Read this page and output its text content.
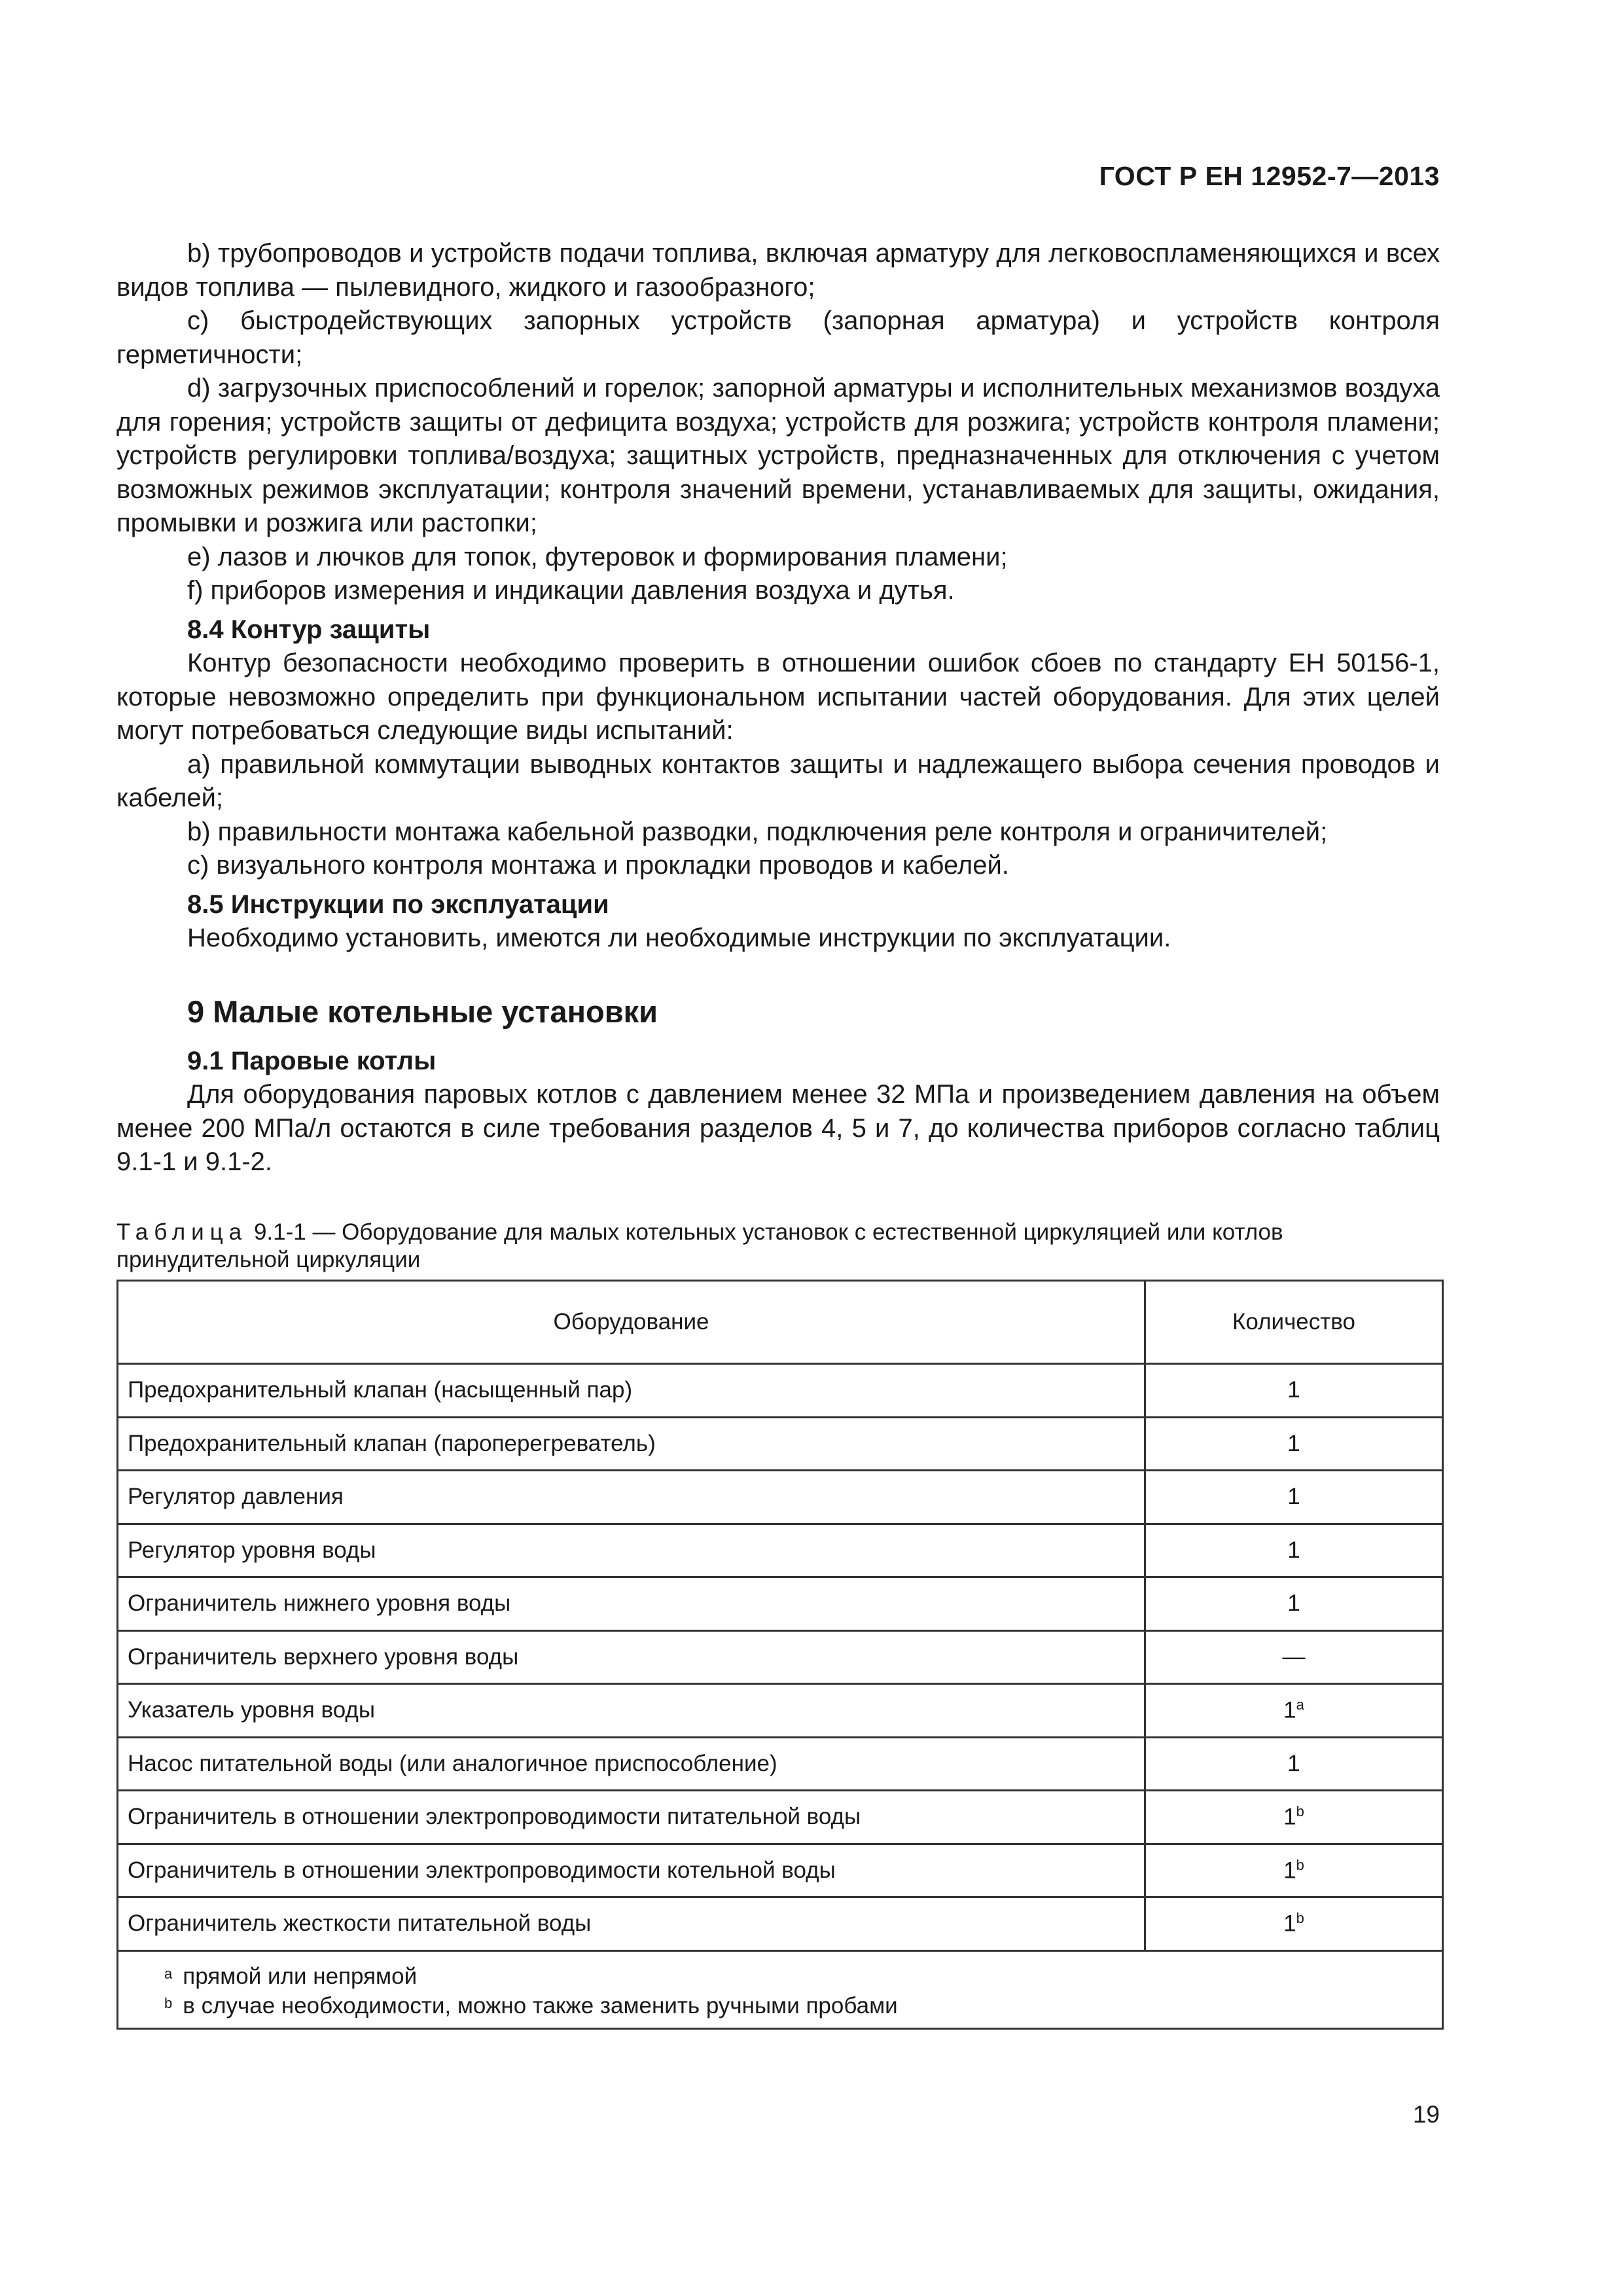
ГОСТ Р ЕН 12952-7—2013

b) трубопроводов и устройств подачи топлива, включая арматуру для легковоспламеняющихся и всех видов топлива — пылевидного, жидкого и газообразного;

c) быстродействующих запорных устройств (запорная арматура) и устройств контроля герметичности;

d) загрузочных приспособлений и горелок; запорной арматуры и исполнительных механизмов воздуха для горения; устройств защиты от дефицита воздуха; устройств для розжига; устройств контроля пламени; устройств регулировки топлива/воздуха; защитных устройств, предназначенных для отключения с учетом возможных режимов эксплуатации; контроля значений времени, устанавливаемых для защиты, ожидания, промывки и розжига или растопки;

e) лазов и лючков для топок, футеровок и формирования пламени;

f) приборов измерения и индикации давления воздуха и дутья.

8.4 Контур защиты

Контур безопасности необходимо проверить в отношении ошибок сбоев по стандарту ЕН 50156-1, которые невозможно определить при функциональном испытании частей оборудования. Для этих целей могут потребоваться следующие виды испытаний:

a) правильной коммутации выводных контактов защиты и надлежащего выбора сечения проводов и кабелей;

b) правильности монтажа кабельной разводки, подключения реле контроля и ограничителей;

c) визуального контроля монтажа и прокладки проводов и кабелей.

8.5 Инструкции по эксплуатации

Необходимо установить, имеются ли необходимые инструкции по эксплуатации.

9 Малые котельные установки
9.1 Паровые котлы

Для оборудования паровых котлов с давлением менее 32 МПа и произведением давления на объем менее 200 МПа/л остаются в силе требования разделов 4, 5 и 7, до количества приборов согласно таблиц 9.1-1 и 9.1-2.

Таблица 9.1-1 — Оборудование для малых котельных установок с естественной циркуляцией или котлов принудительной циркуляции
Оборудование	Количество
Предохранительный клапан (насыщенный пар)	1
Предохранительный клапан (пароперегреватель)	1
Регулятор давления	1
Регулятор уровня воды	1
Ограничитель нижнего уровня воды	1
Ограничитель верхнего уровня воды	—
Указатель уровня воды	1$^a$
Насос питательной воды (или аналогичное приспособление)	1
Ограничитель в отношении электропроводимости питательной воды	1$^b$
Ограничитель в отношении электропроводимости котельной воды	1$^b$
Ограничитель жесткости питательной воды	1$^b$

$^a$ прямой или непрямой
$^b$ в случае необходимости, можно также заменить ручными пробами	
19
